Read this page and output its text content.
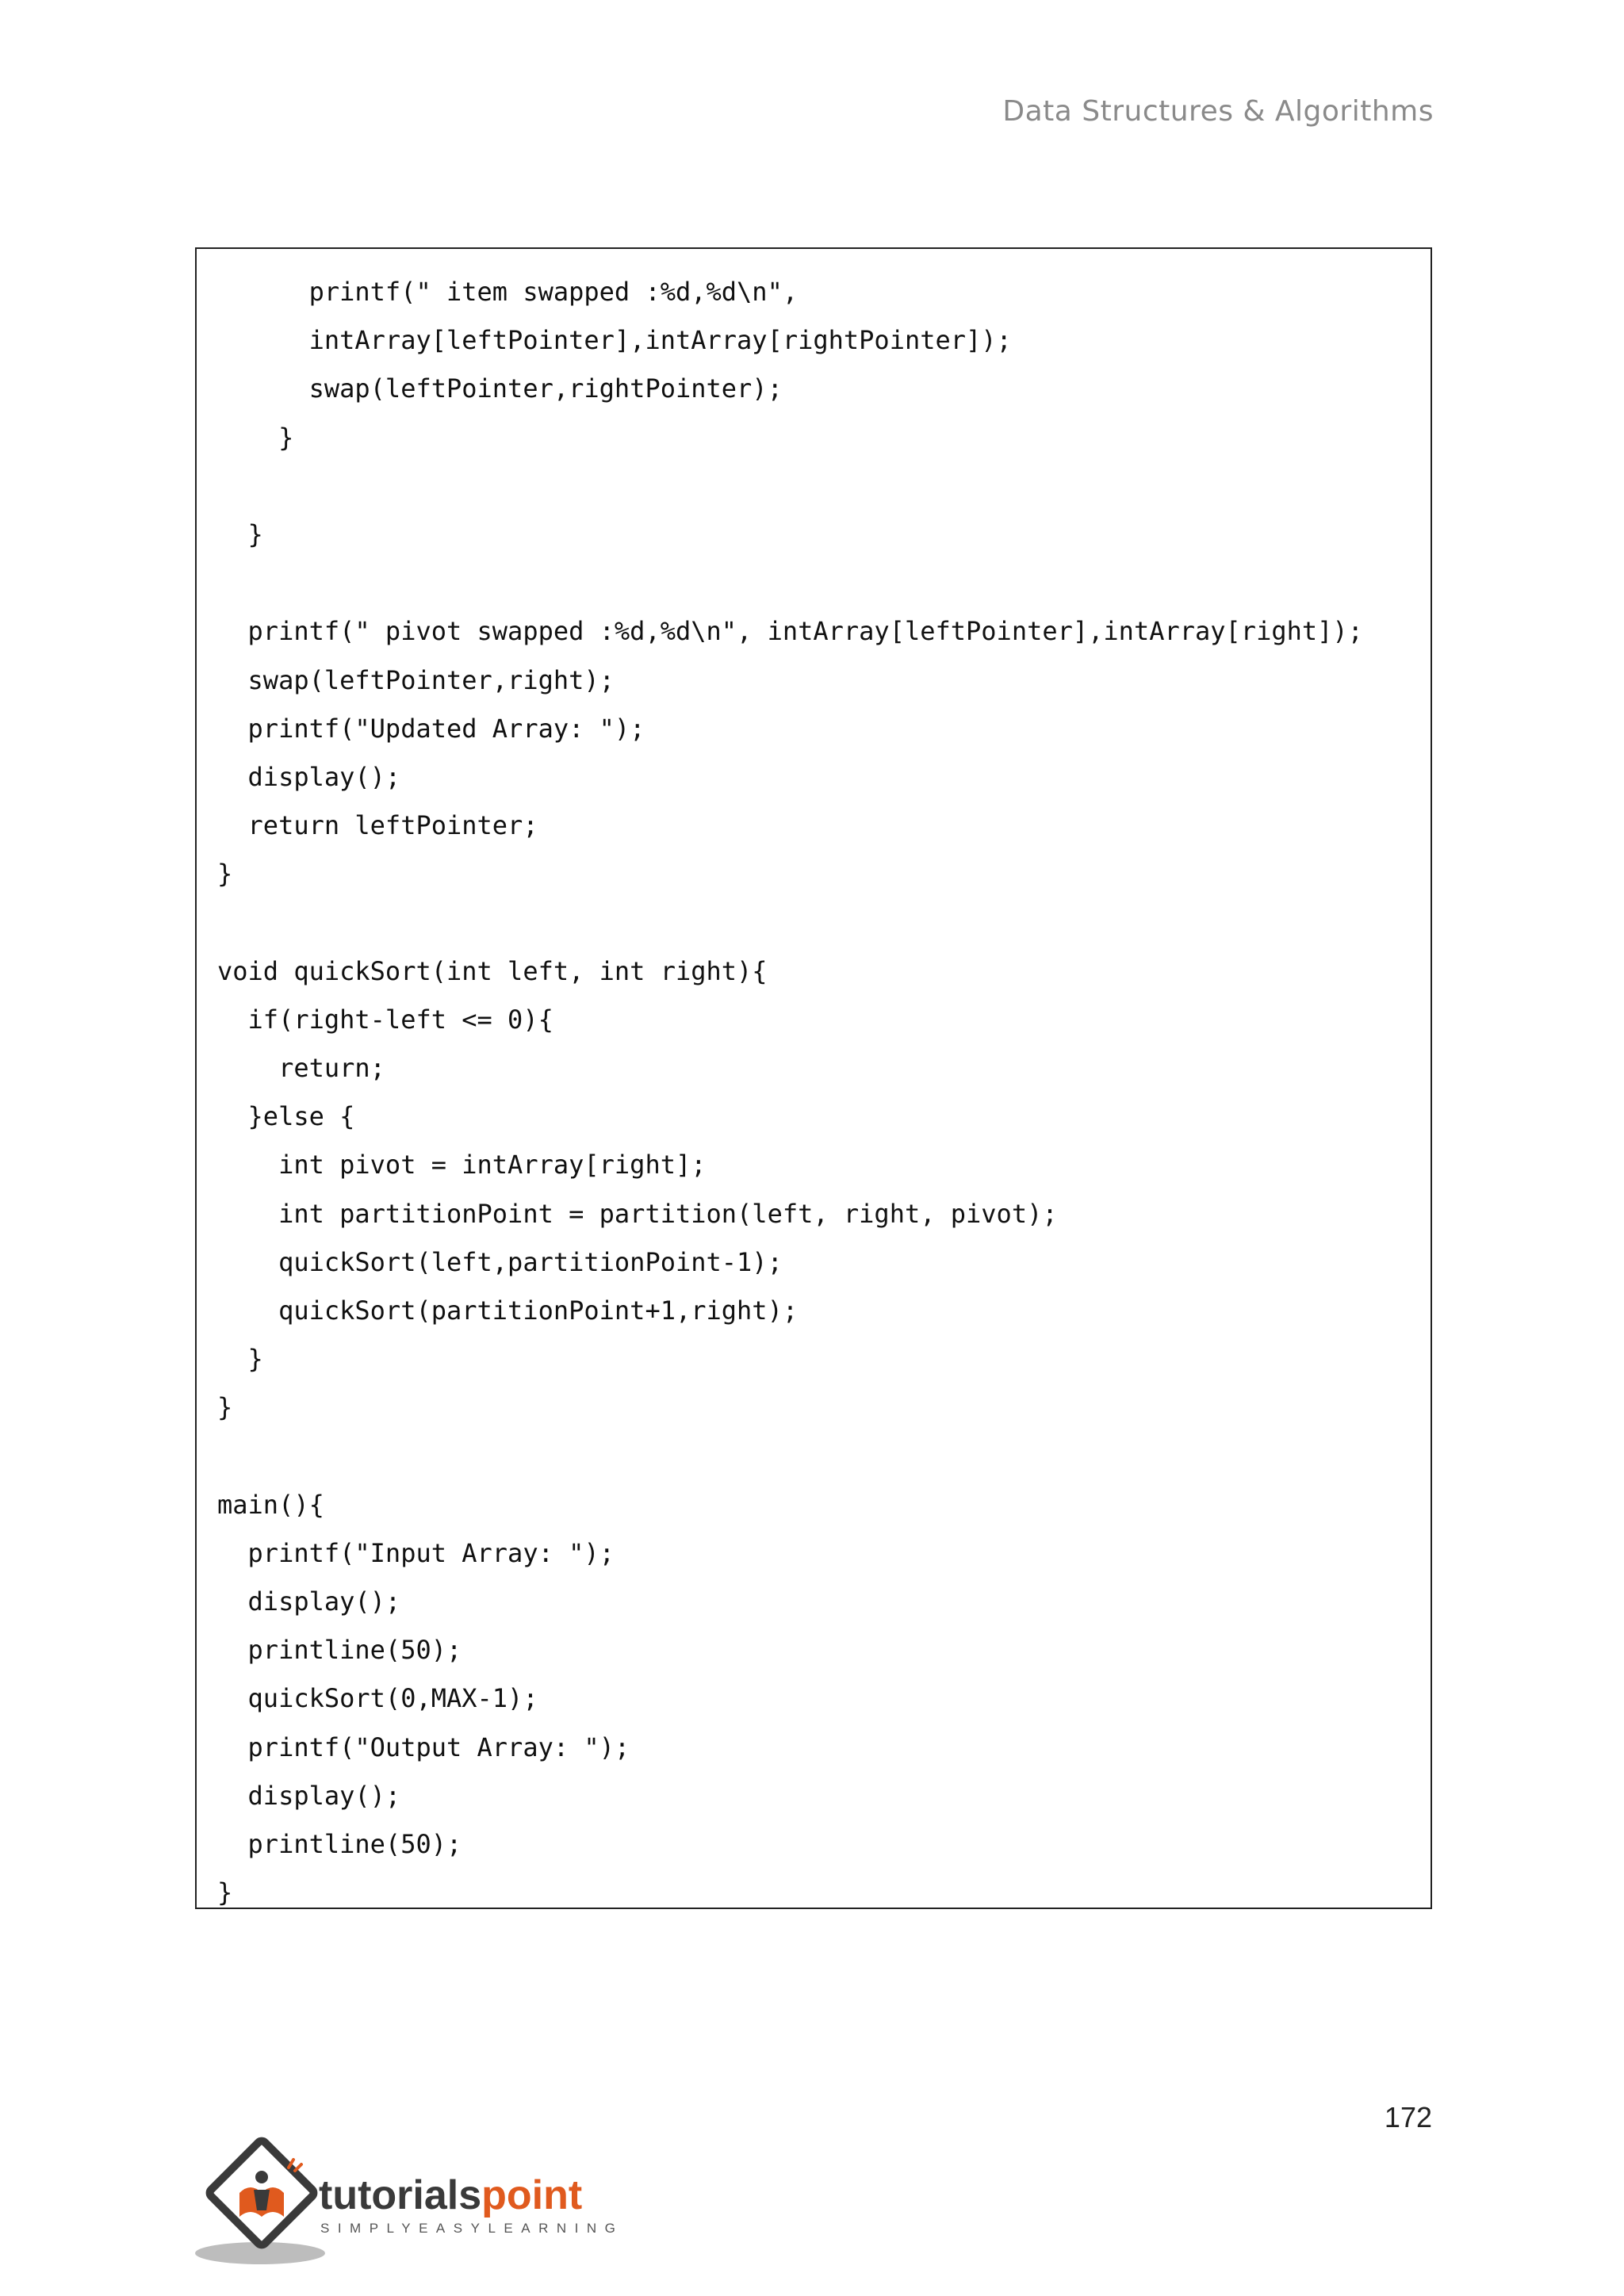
Data Structures & Algorithms
printf(" item swapped :%d,%d\n",
intArray[leftPointer],intArray[rightPointer]);
swap(leftPointer,rightPointer);
}
}
printf(" pivot swapped :%d,%d\n", intArray[leftPointer],intArray[right]);
swap(leftPointer,right);
printf("Updated Array: ");
display();
return leftPointer;
}
void quickSort(int left, int right){
if(right-left <= 0){
return;
}else {
int pivot = intArray[right];
int partitionPoint = partition(left, right, pivot);
quickSort(left,partitionPoint-1);
quickSort(partitionPoint+1,right);
}
}
main(){
printf("Input Array: ");
display();
printline(50);
quickSort(0,MAX-1);
printf("Output Array: ");
display();
printline(50);
}
172
tutorialspoint
SIMPLYEASYLEARNING
